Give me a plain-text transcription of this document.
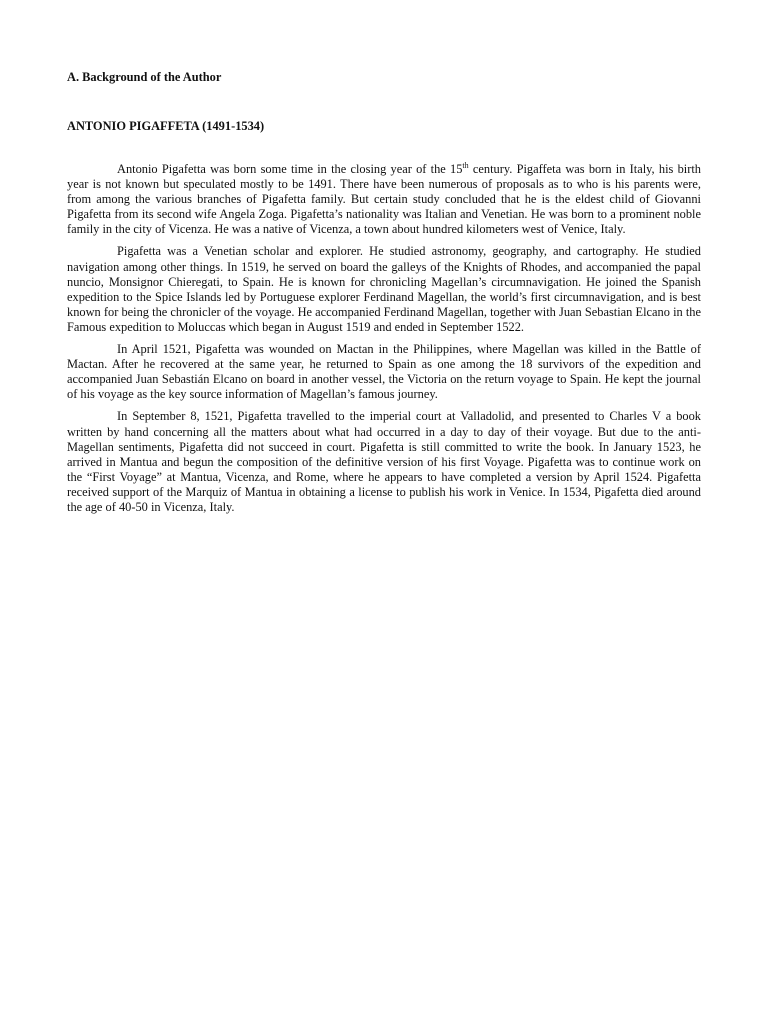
A. Background of the Author
ANTONIO PIGAFFETA (1491-1534)

Antonio Pigafetta was born some time in the closing year of the 15th century. Pigaffeta was born in Italy, his birth year is not known but speculated mostly to be 1491. There have been numerous of proposals as to who is his parents were, from among the various branches of Pigafetta family. But certain study concluded that he is the eldest child of Giovanni Pigafetta from its second wife Angela Zoga. Pigafetta’s nationality was Italian and Venetian. He was born to a prominent noble family in the city of Vicenza. He was a native of Vicenza, a town about hundred kilometers west of Venice, Italy.

Pigafetta was a Venetian scholar and explorer. He studied astronomy, geography, and cartography. He studied navigation among other things. In 1519, he served on board the galleys of the Knights of Rhodes, and accompanied the papal nuncio, Monsignor Chieregati, to Spain. He is known for chronicling Magellan’s circumnavigation. He joined the Spanish expedition to the Spice Islands led by Portuguese explorer Ferdinand Magellan, the world’s first circumnavigation, and is best known for being the chronicler of the voyage. He accompanied Ferdinand Magellan, together with Juan Sebastian Elcano in the Famous expedition to Moluccas which began in August 1519 and ended in September 1522.

In April 1521, Pigafetta was wounded on Mactan in the Philippines, where Magellan was killed in the Battle of Mactan. After he recovered at the same year, he returned to Spain as one among the 18 survivors of the expedition and accompanied Juan Sebastián Elcano on board in another vessel, the Victoria on the return voyage to Spain. He kept the journal of his voyage as the key source information of Magellan’s famous journey.

In September 8, 1521, Pigafetta travelled to the imperial court at Valladolid, and presented to Charles V a book written by hand concerning all the matters about what had occurred in a day to day of their voyage. But due to the anti-Magellan sentiments, Pigafetta did not succeed in court. Pigafetta is still committed to write the book. In January 1523, he arrived in Mantua and begun the composition of the definitive version of his first Voyage. Pigafetta was to continue work on the “First Voyage” at Mantua, Vicenza, and Rome, where he appears to have completed a version by April 1524. Pigafetta received support of the Marquiz of Mantua in obtaining a license to publish his work in Venice. In 1534, Pigafetta died around the age of 40-50 in Vicenza, Italy.
